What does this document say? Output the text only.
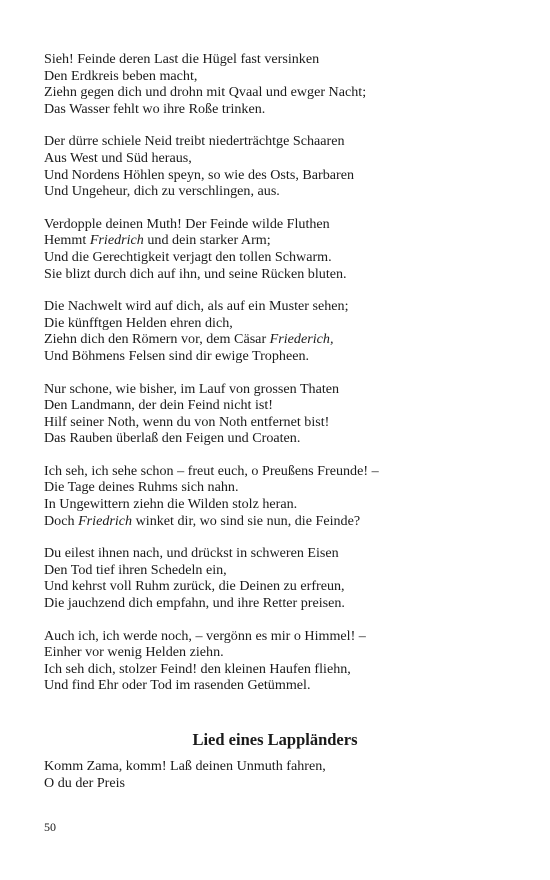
Sieh! Feinde deren Last die Hügel fast versinken
Den Erdkreis beben macht,
Ziehn gegen dich und drohn mit Qvaal und ewger Nacht;
Das Wasser fehlt wo ihre Roße trinken.
Der dürre schiele Neid treibt niederträchtge Schaaren
Aus West und Süd heraus,
Und Nordens Höhlen speyn, so wie des Osts, Barbaren
Und Ungeheur, dich zu verschlingen, aus.
Verdopple deinen Muth! Der Feinde wilde Fluthen
Hemmt Friedrich und dein starker Arm;
Und die Gerechtigkeit verjagt den tollen Schwarm.
Sie blizt durch dich auf ihn, und seine Rücken bluten.
Die Nachwelt wird auf dich, als auf ein Muster sehen;
Die künfftgen Helden ehren dich,
Ziehn dich den Römern vor, dem Cäsar Friederich,
Und Böhmens Felsen sind dir ewige Tropheen.
Nur schone, wie bisher, im Lauf von grossen Thaten
Den Landmann, der dein Feind nicht ist!
Hilf seiner Noth, wenn du von Noth entfernet bist!
Das Rauben überlaß den Feigen und Croaten.
Ich seh, ich sehe schon – freut euch, o Preußens Freunde! –
Die Tage deines Ruhms sich nahn.
In Ungewittern ziehn die Wilden stolz heran.
Doch Friedrich winket dir, wo sind sie nun, die Feinde?
Du eilest ihnen nach, und drückst in schweren Eisen
Den Tod tief ihren Schedeln ein,
Und kehrst voll Ruhm zurück, die Deinen zu erfreun,
Die jauchzend dich empfahn, und ihre Retter preisen.
Auch ich, ich werde noch, – vergönn es mir o Himmel! –
Einher vor wenig Helden ziehn.
Ich seh dich, stolzer Feind! den kleinen Haufen fliehn,
Und find Ehr oder Tod im rasenden Getümmel.
Lied eines Lappländers
Komm Zama, komm! Laß deinen Unmuth fahren,
O du der Preis
50
